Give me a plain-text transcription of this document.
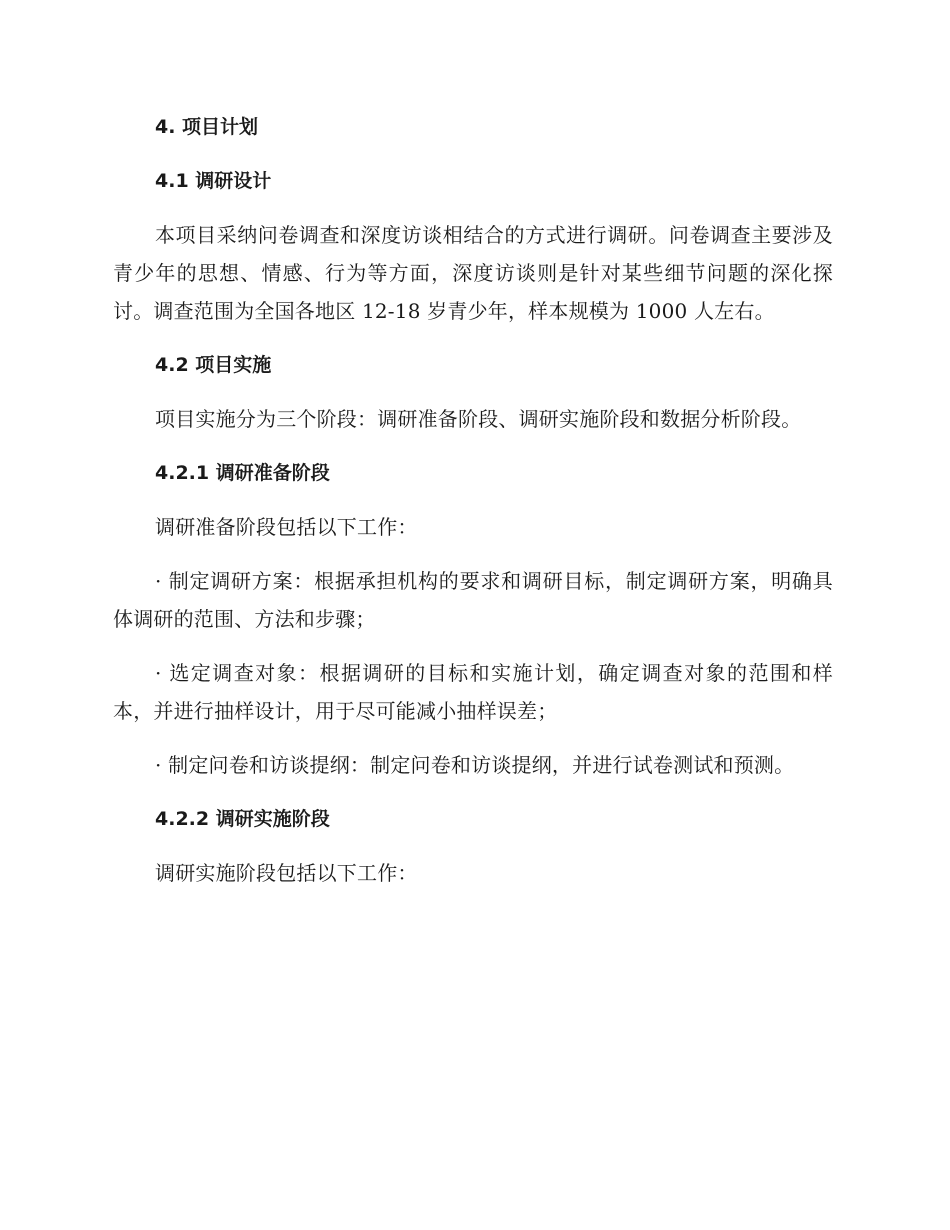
4. 项目计划
4.1 调研设计

本项目采纳问卷调查和深度访谈相结合的方式进行调研。问卷调查主要涉及青少年的思想、情感、行为等方面，深度访谈则是针对某些细节问题的深化探讨。调查范围为全国各地区 12-18 岁青少年，样本规模为 1000 人左右。

4.2 项目实施

项目实施分为三个阶段：调研准备阶段、调研实施阶段和数据分析阶段。

4.2.1 调研准备阶段

调研准备阶段包括以下工作：

· 制定调研方案：根据承担机构的要求和调研目标，制定调研方案，明确具体调研的范围、方法和步骤；

· 选定调查对象：根据调研的目标和实施计划，确定调查对象的范围和样本，并进行抽样设计，用于尽可能减小抽样误差；

· 制定问卷和访谈提纲：制定问卷和访谈提纲，并进行试卷测试和预测。

4.2.2 调研实施阶段

调研实施阶段包括以下工作：
